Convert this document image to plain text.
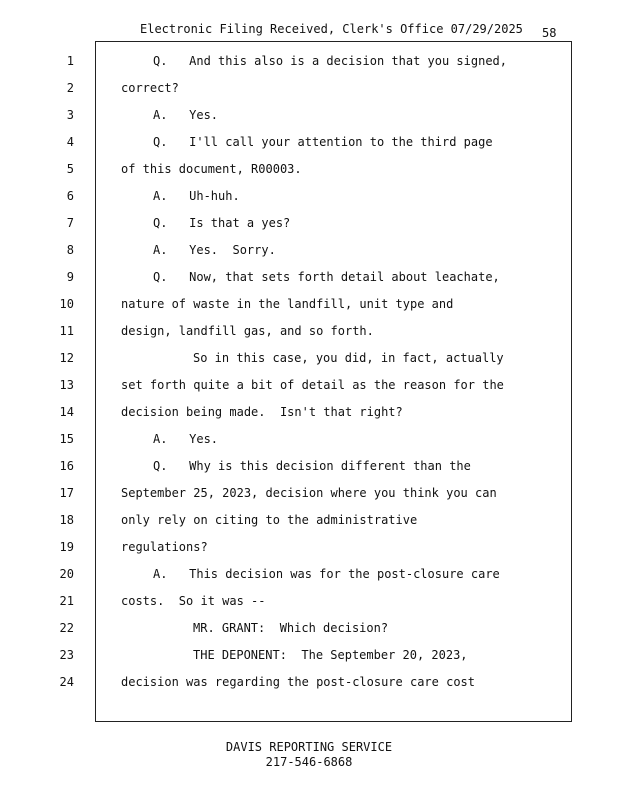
Electronic Filing Received, Clerk's Office 07/29/2025 58
1	Q.   And this also is a decision that you signed,
2	correct?
3	A.   Yes.
4	Q.   I'll call your attention to the third page
5	of this document, R00003.
6	A.   Uh-huh.
7	Q.   Is that a yes?
8	A.   Yes.  Sorry.
9	Q.   Now, that sets forth detail about leachate,
10	nature of waste in the landfill, unit type and
11	design, landfill gas, and so forth.
12	So in this case, you did, in fact, actually
13	set forth quite a bit of detail as the reason for the
14	decision being made.  Isn't that right?
15	A.   Yes.
16	Q.   Why is this decision different than the
17	September 25, 2023, decision where you think you can
18	only rely on citing to the administrative
19	regulations?
20	A.   This decision was for the post-closure care
21	costs.  So it was --
22	MR. GRANT:  Which decision?
23	THE DEPONENT:  The September 20, 2023,
24	decision was regarding the post-closure care cost
DAVIS REPORTING SERVICE
217-546-6868
